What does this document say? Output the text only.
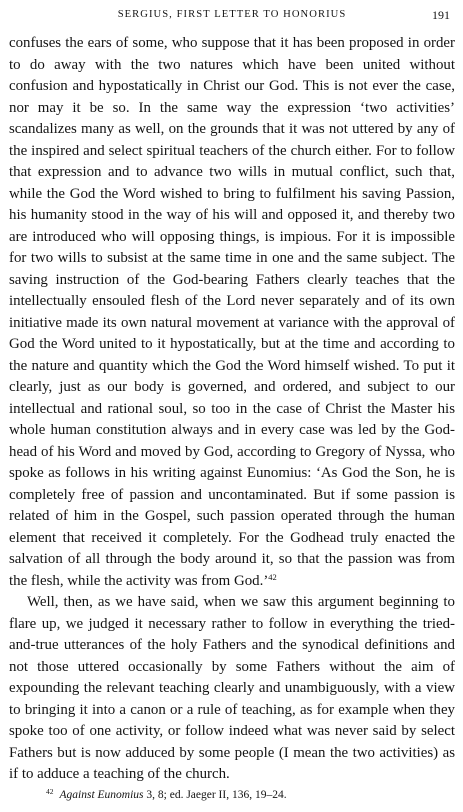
SERGIUS, FIRST LETTER TO HONORIUS	191

confuses the ears of some, who suppose that it has been proposed in order to do away with the two natures which have been united without confusion and hypostatically in Christ our God. This is not ever the case, nor may it be so. In the same way the expression ‘two activities’ scandalizes many as well, on the grounds that it was not uttered by any of the inspired and select spiritual teachers of the church either. For to follow that expression and to advance two wills in mutual conflict, such that, while the God the Word wished to bring to fulfilment his saving Passion, his humanity stood in the way of his will and opposed it, and thereby two are introduced who will opposing things, is impious. For it is impossible for two wills to subsist at the same time in one and the same subject. The saving instruction of the God-bearing Fathers clearly teaches that the intellectually ensouled flesh of the Lord never separately and of its own initiative made its own natural movement at variance with the approval of God the Word united to it hypostatically, but at the time and according to the nature and quantity which the God the Word himself wished. To put it clearly, just as our body is governed, and ordered, and subject to our intellectual and rational soul, so too in the case of Christ the Master his whole human constitution always and in every case was led by the God-head of his Word and moved by God, according to Gregory of Nyssa, who spoke as follows in his writing against Eunomius: ‘As God the Son, he is completely free of passion and uncontaminated. But if some passion is related of him in the Gospel, such passion operated through the human element that received it completely. For the Godhead truly enacted the salvation of all through the body around it, so that the passion was from the flesh, while the activity was from God.’$^{42}$

Well, then, as we have said, when we saw this argument beginning to flare up, we judged it necessary rather to follow in everything the tried-and-true utterances of the holy Fathers and the synodical definitions and not those uttered occasionally by some Fathers without the aim of expounding the relevant teaching clearly and unambiguously, with a view to bringing it into a canon or a rule of teaching, as for example when they spoke too of one activity, or follow indeed what was never said by select Fathers but is now adduced by some people (I mean the two activities) as if to adduce a teaching of the church.

$^{42}$ Against Eunomius 3, 8; ed. Jaeger II, 136, 19–24.
